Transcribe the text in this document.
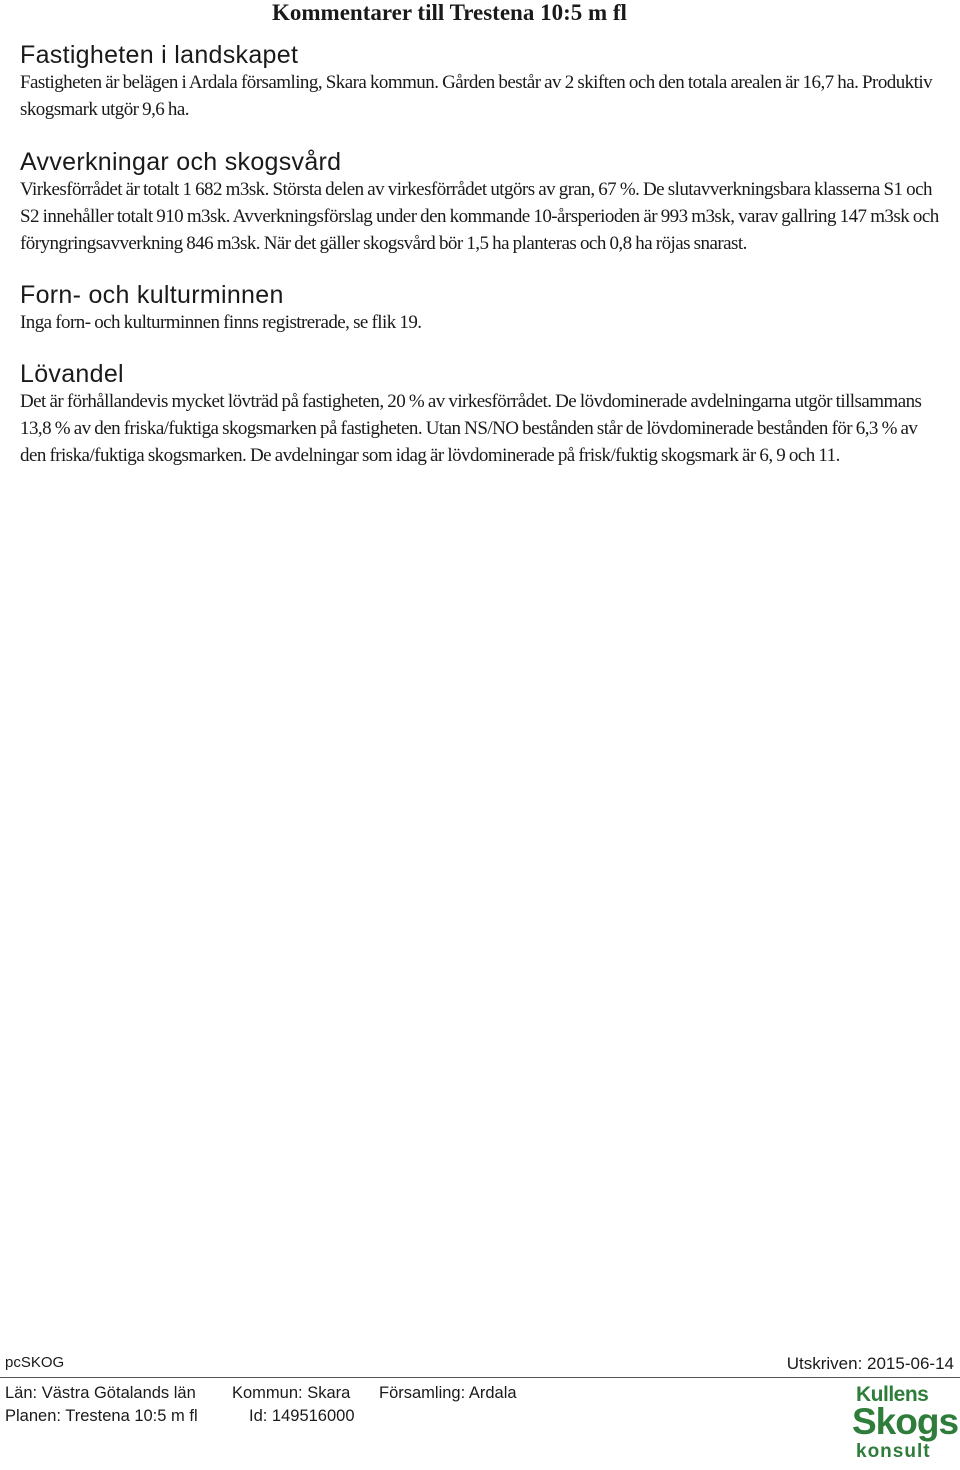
Kommentarer till Trestena 10:5 m fl
Fastigheten i landskapet

Fastigheten är belägen i Ardala församling, Skara kommun. Gården består av 2 skiften och den totala arealen är 16,7 ha. Produktiv skogsmark utgör 9,6 ha.

Avverkningar och skogsvård

Virkesförrådet är totalt 1 682 m3sk. Största delen av virkesförrådet utgörs av gran, 67 %. De slutavverkningsbara klasserna S1 och S2 innehåller totalt 910 m3sk. Avverkningsförslag under den kommande 10-årsperioden är 993 m3sk, varav gallring 147 m3sk och föryngringsavverkning 846 m3sk. När det gäller skogsvård bör 1,5 ha planteras och 0,8 ha röjas snarast.

Forn- och kulturminnen

Inga forn- och kulturminnen finns registrerade, se flik 19.

Lövandel

Det är förhållandevis mycket lövträd på fastigheten, 20 % av virkesförrådet. De lövdominerade avdelningarna utgör tillsammans 13,8 % av den friska/fuktiga skogsmarken på fastigheten. Utan NS/NO bestånden står de lövdominerade bestånden för 6,3 % av den friska/fuktiga skogsmarken. De avdelningar som idag är lövdominerade på frisk/fuktig skogsmark är 6, 9 och 11.

pcSKOG	Utskriven: 2015-06-14
Län: Västra Götalands län Kommun: Skara Församling: Ardala
Planen: Trestena 10:5 m fl	Id: 149516000
Kullens
Skogs
konsult
